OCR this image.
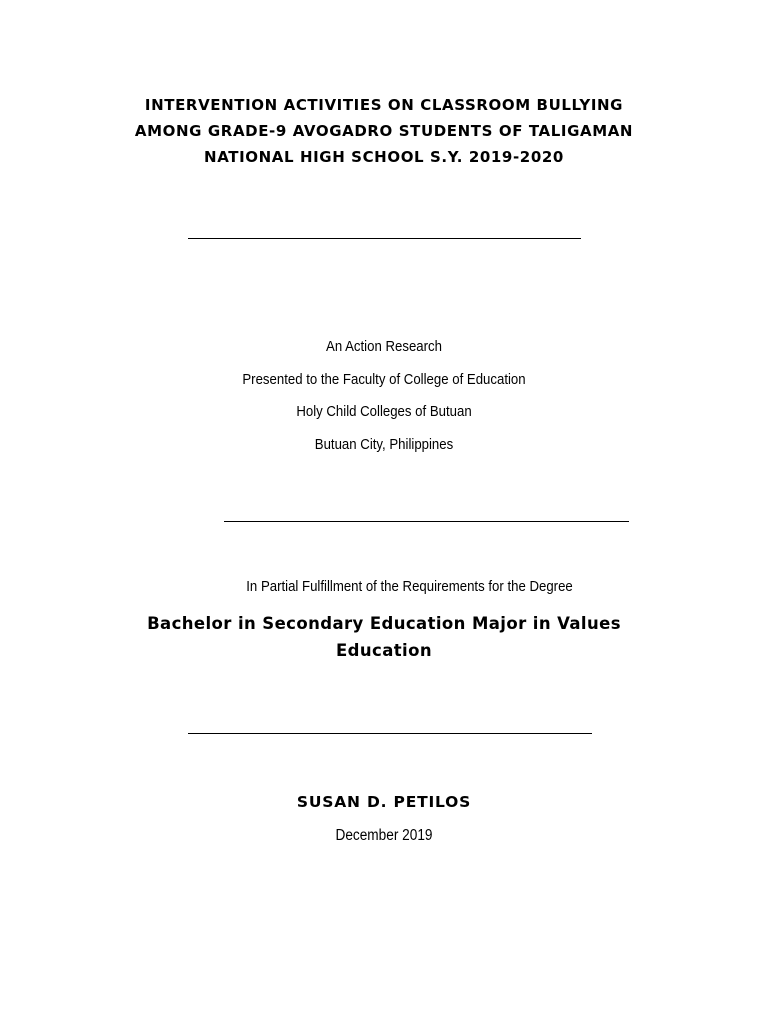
INTERVENTION ACTIVITIES ON CLASSROOM BULLYING
AMONG GRADE-9 AVOGADRO STUDENTS OF TALIGAMAN
NATIONAL HIGH SCHOOL S.Y. 2019-2020
An Action Research
Presented to the Faculty of College of Education
Holy Child Colleges of Butuan
Butuan City, Philippines
In Partial Fulfillment of the Requirements for the Degree
Bachelor in Secondary Education Major in Values
Education
SUSAN D. PETILOS
December 2019
